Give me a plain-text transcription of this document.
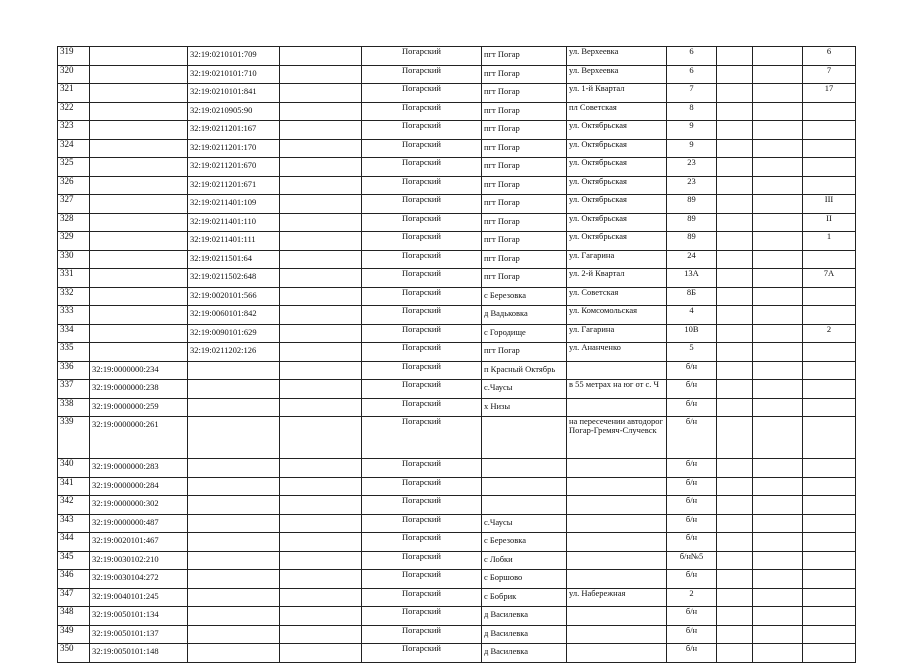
319		32:19:0210101:709		Погарский	пгт Погар	ул. Верхеевка	6			6
320		32:19:0210101:710		Погарский	пгт Погар	ул. Верхеевка	6			7
321		32:19:0210101:841		Погарский	пгт Погар	ул. 1-й Квартал	7			17
322		32:19:0210905:90		Погарский	пгт Погар	пл Советская	8			
323		32:19:0211201:167		Погарский	пгт Погар	ул. Октябрьская	9			
324		32:19:0211201:170		Погарский	пгт Погар	ул. Октябрьская	9			
325		32:19:0211201:670		Погарский	пгт Погар	ул. Октябрьская	23			
326		32:19:0211201:671		Погарский	пгт Погар	ул. Октябрьская	23			
327		32:19:0211401:109		Погарский	пгт Погар	ул. Октябрьская	89			III
328		32:19:0211401:110		Погарский	пгт Погар	ул. Октябрьская	89			II
329		32:19:0211401:111		Погарский	пгт Погар	ул. Октябрьская	89			1
330		32:19:0211501:64		Погарский	пгт Погар	ул. Гагарина	24			
331		32:19:0211502:648		Погарский	пгт Погар	ул. 2-й Квартал	13А			7А
332		32:19:0020101:566		Погарский	с Березовка	ул. Советская	8Б			
333		32:19:0060101:842		Погарский	д Вадьковка	ул. Комсомольская	4			
334		32:19:0090101:629		Погарский	с Городище	ул. Гагарина	10В			2
335		32:19:0211202:126		Погарский	пгт Погар	ул. Ананченко	5			
336	32:19:0000000:234			Погарский	п Красный Октябрь		б/н			
337	32:19:0000000:238			Погарский	с.Чаусы	в 55 метрах на юг от с. Ч	б/н			
338	32:19:0000000:259			Погарский	х Низы		б/н			
339	32:19:0000000:261			Погарский		на пересечении автодорог Погар-Гремяч-Случевск	б/н			
340	32:19:0000000:283			Погарский			б/н			
341	32:19:0000000:284			Погарский			б/н			
342	32:19:0000000:302			Погарский			б/н			
343	32:19:0000000:487			Погарский	с.Чаусы		б/н			
344	32:19:0020101:467			Погарский	с Березовка		б/н			
345	32:19:0030102:210			Погарский	с Лобки		б/н№5			
346	32:19:0030104:272			Погарский	с Боршово		б/н			
347	32:19:0040101:245			Погарский	с Бобрик	ул. Набережная	2			
348	32:19:0050101:134			Погарский	д Василевка		б/н			
349	32:19:0050101:137			Погарский	д Василевка		б/н			
350	32:19:0050101:148			Погарский	д Василевка		б/н			
